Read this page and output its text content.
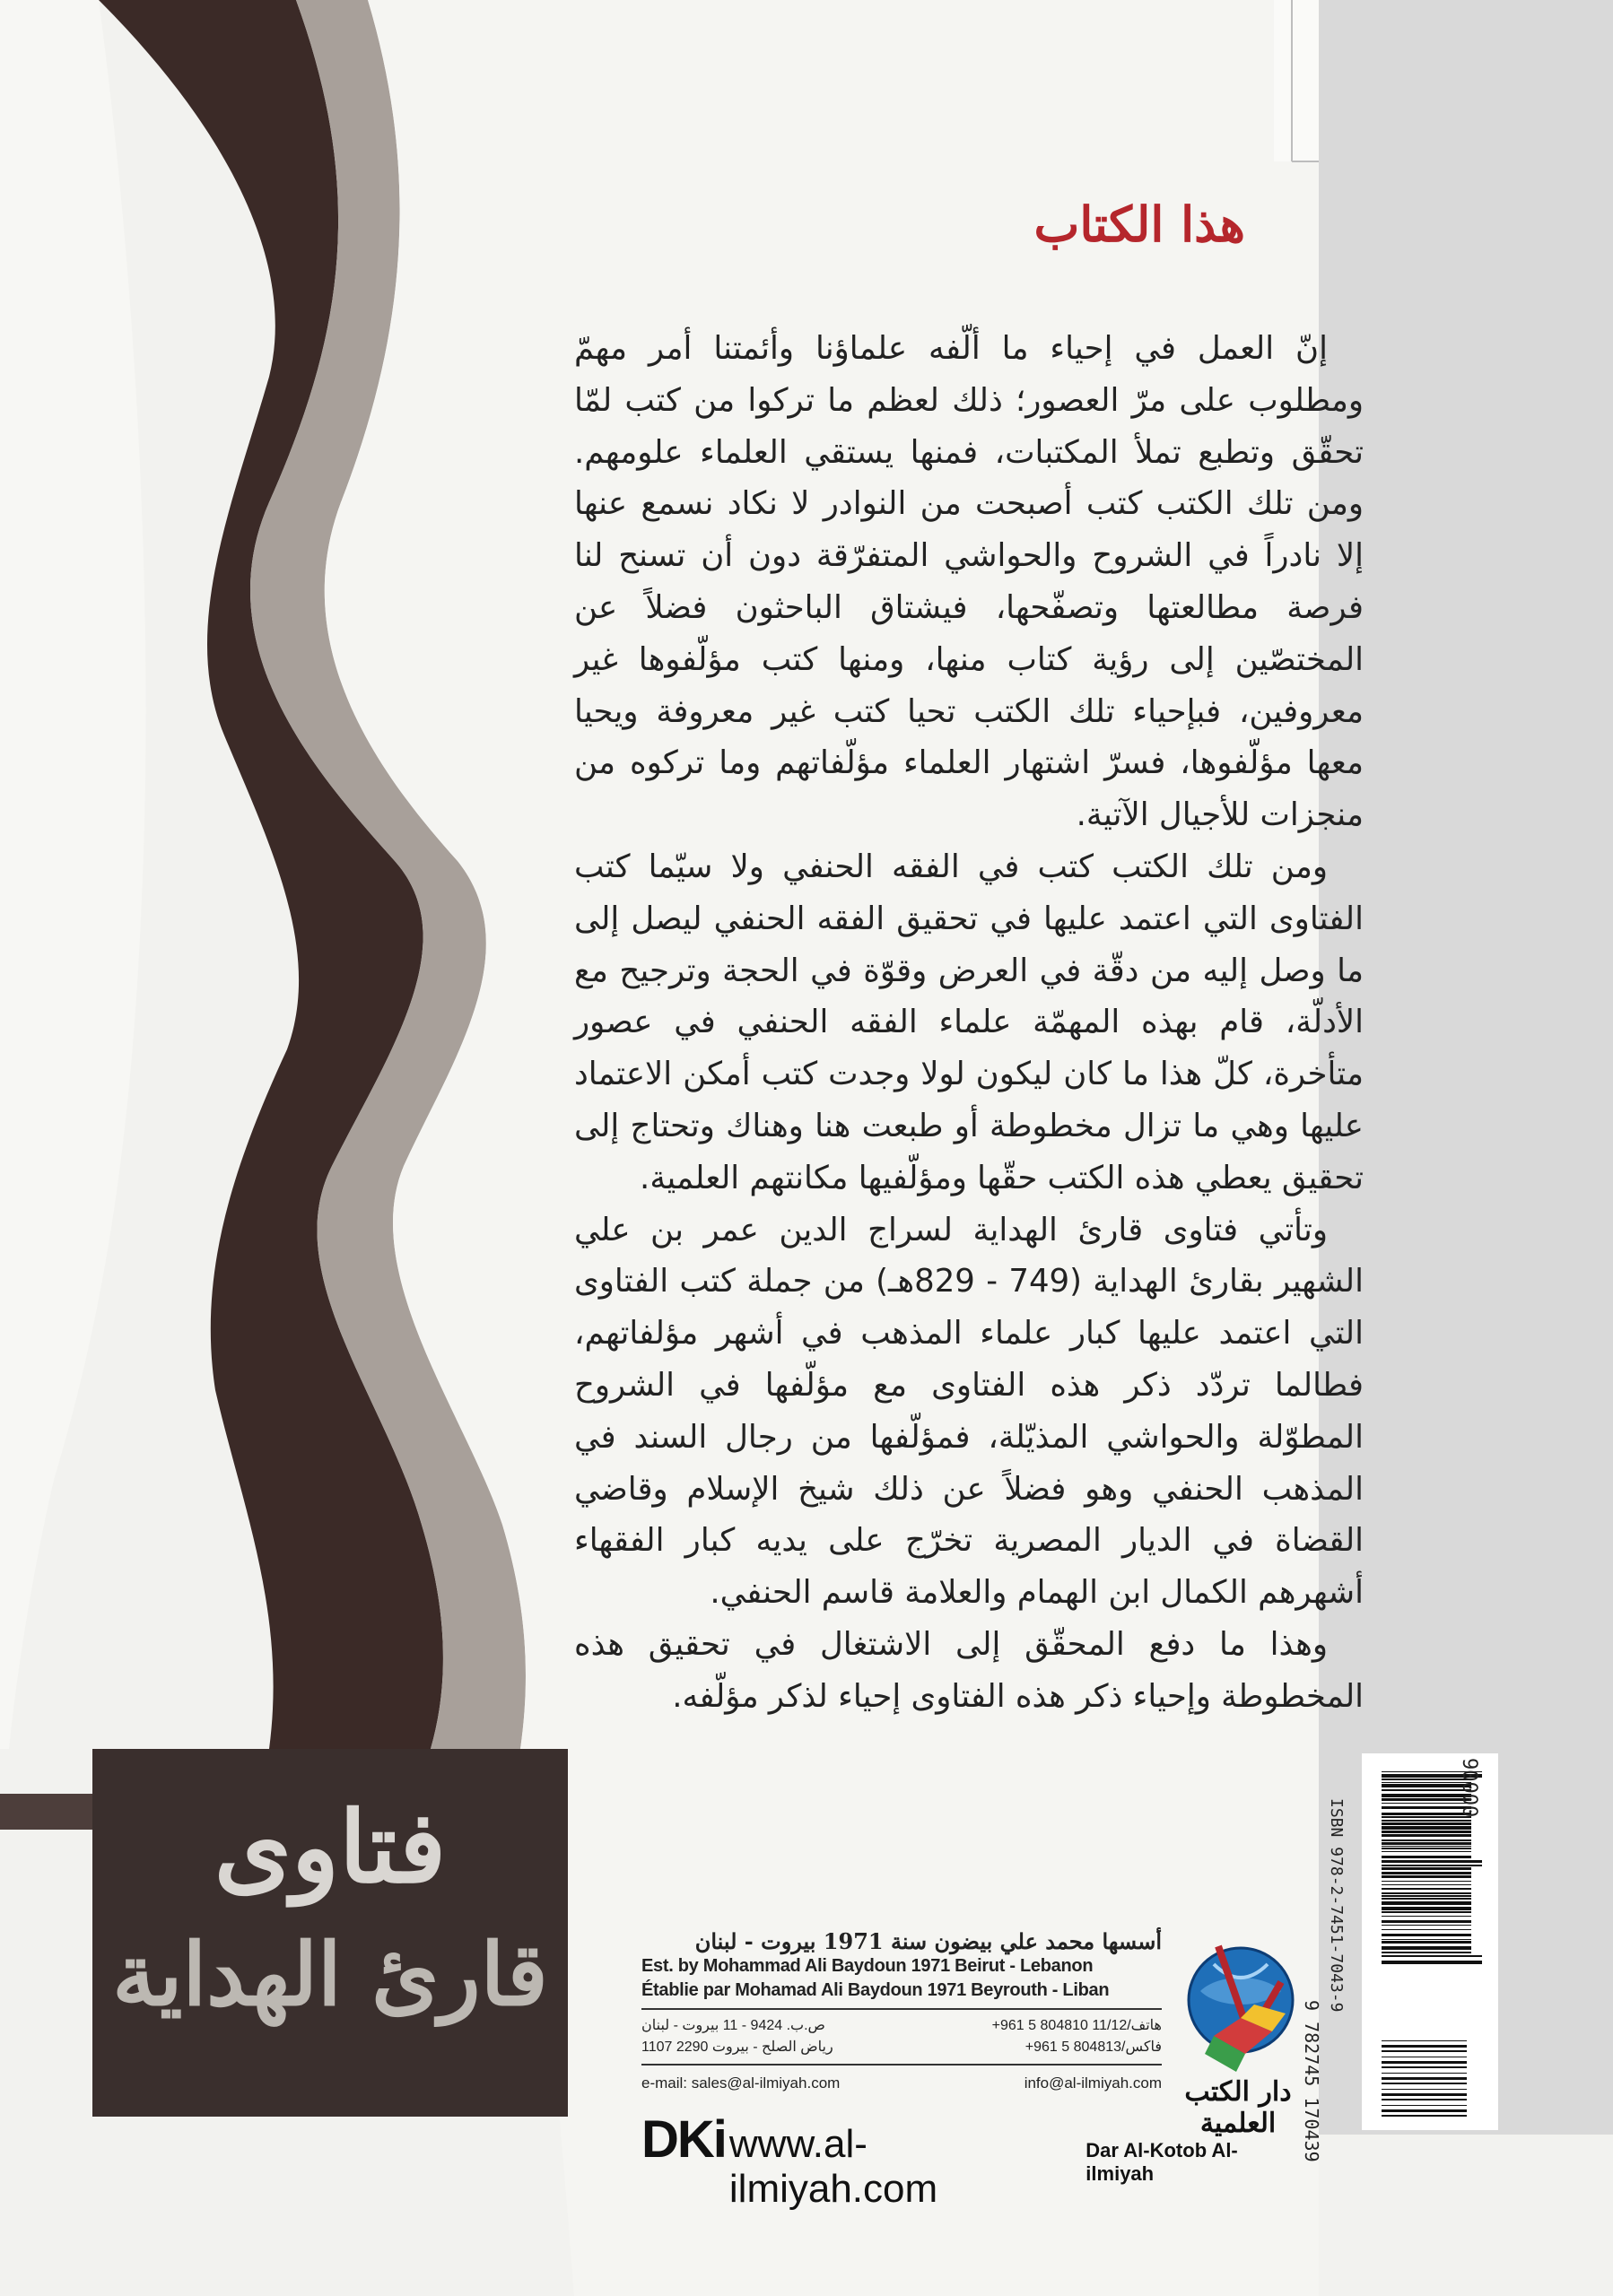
هذا الكتاب

إنّ العمل في إحياء ما ألّفه علماؤنا وأئمتنا أمر مهمّ ومطلوب على مرّ العصور؛ ذلك لعظم ما تركوا من كتب لمّا تحقّق وتطبع تملأ المكتبات، فمنها يستقي العلماء علومهم. ومن تلك الكتب كتب أصبحت من النوادر لا نكاد نسمع عنها إلا نادراً في الشروح والحواشي المتفرّقة دون أن تسنح لنا فرصة مطالعتها وتصفّحها، فيشتاق الباحثون فضلاً عن المختصّين إلى رؤية كتاب منها، ومنها كتب مؤلّفوها غير معروفين، فبإحياء تلك الكتب تحيا كتب غير معروفة ويحيا معها مؤلّفوها، فسرّ اشتهار العلماء مؤلّفاتهم وما تركوه من منجزات للأجيال الآتية.

ومن تلك الكتب كتب في الفقه الحنفي ولا سيّما كتب الفتاوى التي اعتمد عليها في تحقيق الفقه الحنفي ليصل إلى ما وصل إليه من دقّة في العرض وقوّة في الحجة وترجيح مع الأدلّة، قام بهذه المهمّة علماء الفقه الحنفي في عصور متأخرة، كلّ هذا ما كان ليكون لولا وجدت كتب أمكن الاعتماد عليها وهي ما تزال مخطوطة أو طبعت هنا وهناك وتحتاج إلى تحقيق يعطي هذه الكتب حقّها ومؤلّفيها مكانتهم العلمية.

وتأتي فتاوى قارئ الهداية لسراج الدين عمر بن علي الشهير بقارئ الهداية (749 - 829هـ) من جملة كتب الفتاوى التي اعتمد عليها كبار علماء المذهب في أشهر مؤلفاتهم، فطالما تردّد ذكر هذه الفتاوى مع مؤلّفها في الشروح المطوّلة والحواشي المذيّلة، فمؤلّفها من رجال السند في المذهب الحنفي وهو فضلاً عن ذلك شيخ الإسلام وقاضي القضاة في الديار المصرية تخرّج على يديه كبار الفقهاء أشهرهم الكمال ابن الهمام والعلامة قاسم الحنفي.

وهذا ما دفع المحقّق إلى الاشتغال في تحقيق هذه المخطوطة وإحياء ذكر هذه الفتاوى إحياء لذكر مؤلّفه.

فتاوى
قارئ الهداية	أسسها محمد علي بيضون سنة 1971 بيروت - لبنان
Est. by Mohammad Ali Baydoun 1971 Beirut - Lebanon
Établie par Mohamad Ali Baydoun 1971 Beyrouth - Liban
ص.ب. 9424 - 11 بيروت - لبنان
رياض الصلح - بيروت 2290 1107
هاتف/11/12 804810 5 961+
فاكس/804813 5 961+
e-mail: sales@al-ilmiyah.com	info@al-ilmiyah.com
DKi www.al-ilmiyah.com
Dar Al-Kotob Al-ilmiyah
دار الكتب العلمية
90000
ISBN 978-2-7451-7043-9
9 782745 170439
